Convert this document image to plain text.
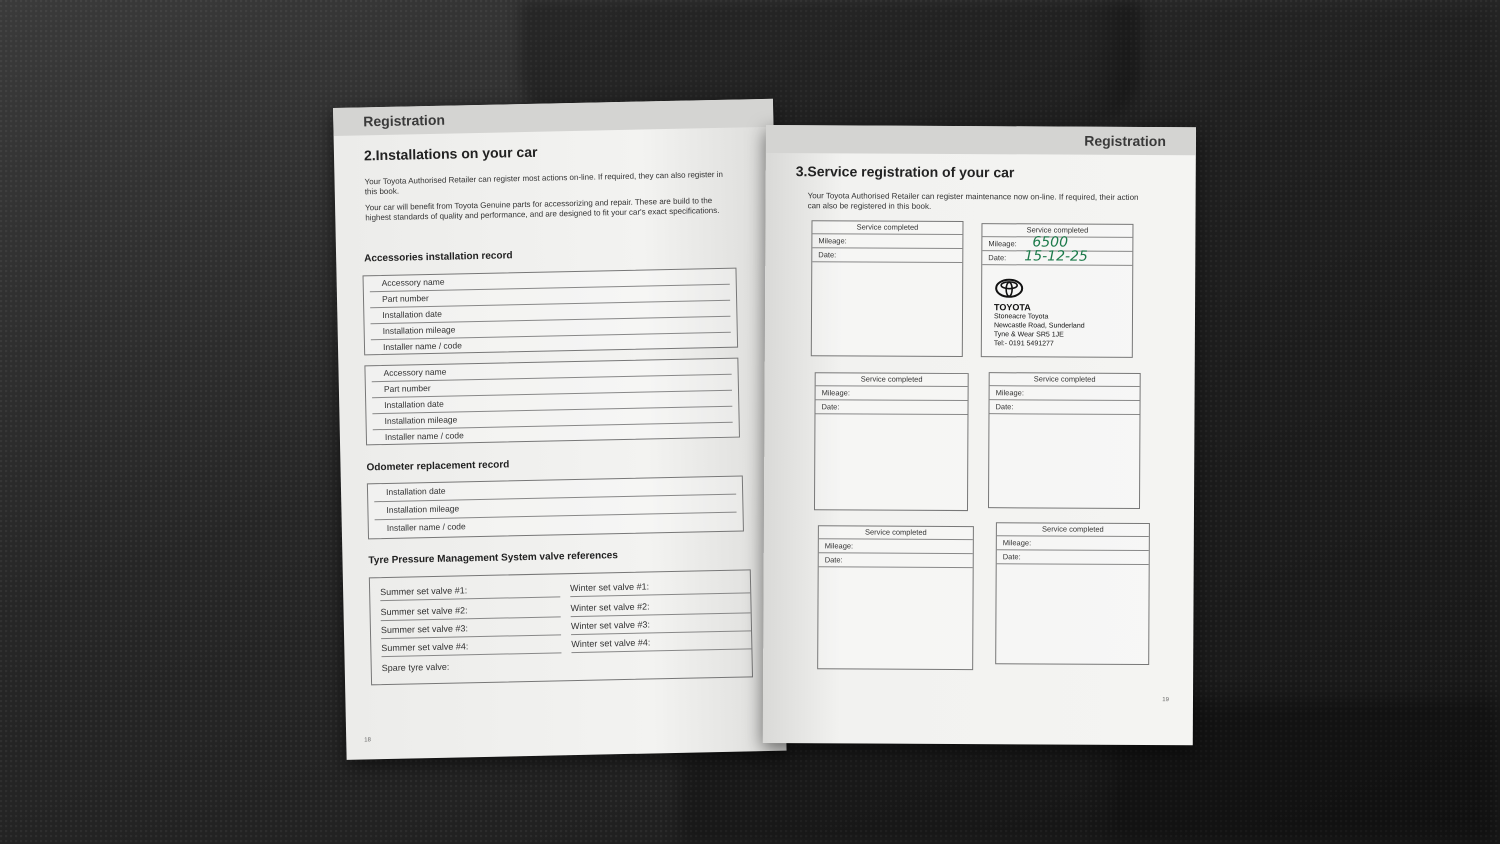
Registration
2.Installations on your car
Your Toyota Authorised Retailer can register most actions on-line. If required, they can also register in this book.
Your car will benefit from Toyota Genuine parts for accessorizing and repair. These are build to the highest standards of quality and performance, and are designed to fit your car's exact specifications.
Accessories installation record
Accessory name
Part number
Installation date
Installation mileage
Installer name / code
Accessory name
Part number
Installation date
Installation mileage
Installer name / code
Odometer replacement record
Installation date
Installation mileage
Installer name / code
Tyre Pressure Management System valve references
Summer set valve #1:
Summer set valve #2:
Summer set valve #3:
Summer set valve #4:
Winter set valve #1:
Winter set valve #2:
Winter set valve #3:
Winter set valve #4:
Spare tyre valve:
18
Registration
3.Service registration of your car
Your Toyota Authorised Retailer can register maintenance now on-line. If required, their action can also be registered in this book.
Service completed
Mileage:
Date:
Service completed
Mileage:
Date:
6500
15-12-25
TOYOTA
Stoneacre Toyota
Newcastle Road, Sunderland
Tyne & Wear SR5 1JE
Tel:- 0191 5491277
Service completed
Mileage:
Date:
Service completed
Mileage:
Date:
Service completed
Mileage:
Date:
Service completed
Mileage:
Date:
19
